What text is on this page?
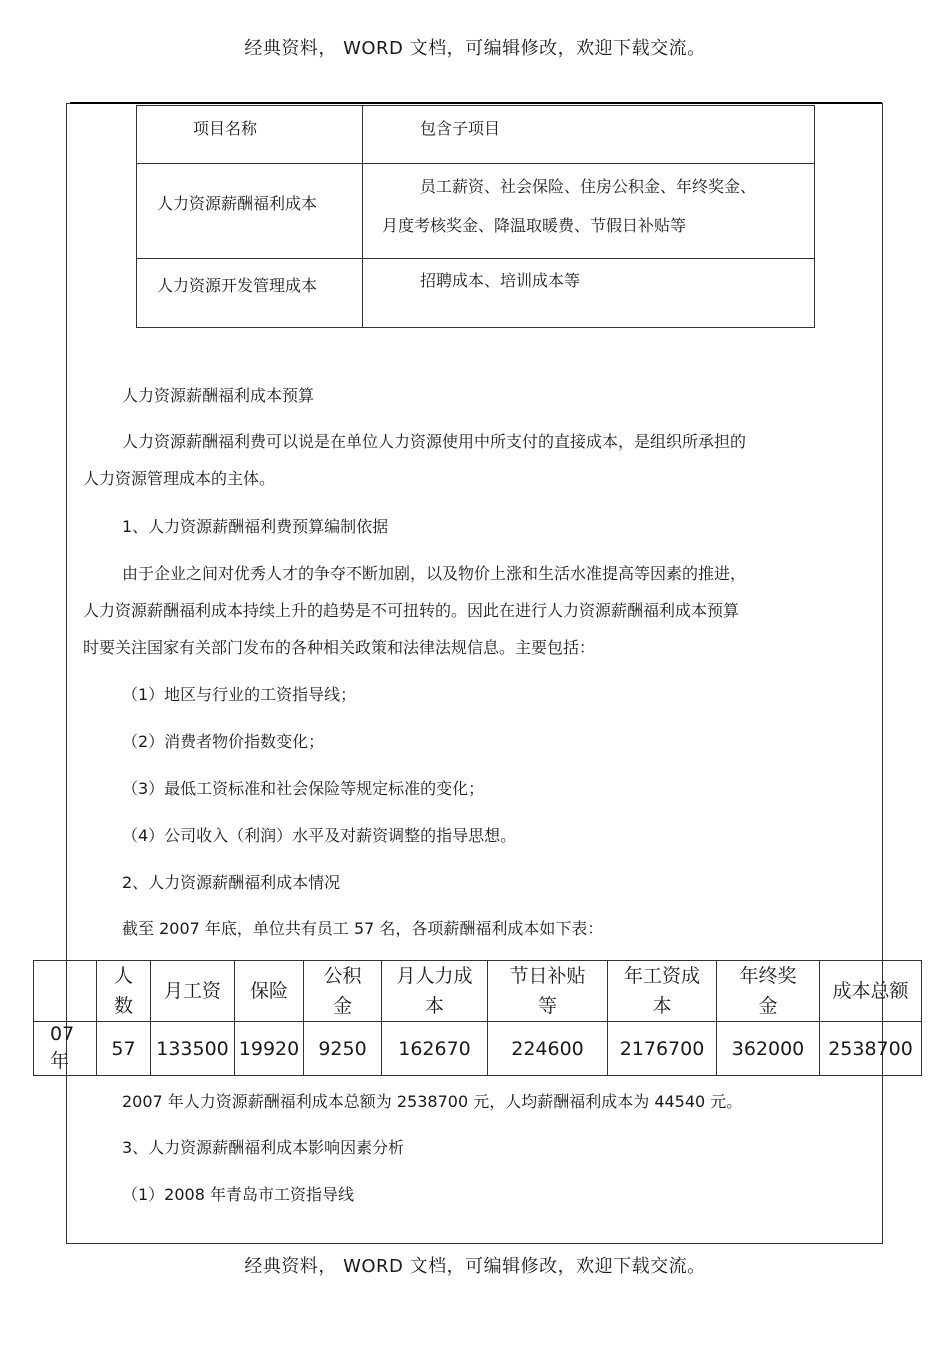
经典资料， WORD 文档，可编辑修改，欢迎下载交流。
项目名称	包含子项目

人力资源薪酬福利成本	员工薪资、社会保险、住房公积金、年终奖金、
月度考核奖金、降温取暖费、节假日补贴等

人力资源开发管理成本	招聘成本、培训成本等
人力资源薪酬福利成本预算
人力资源薪酬福利费可以说是在单位人力资源使用中所支付的直接成本，是组织所承担的
人力资源管理成本的主体。
1、人力资源薪酬福利费预算编制依据
由于企业之间对优秀人才的争夺不断加剧，以及物价上涨和生活水准提高等因素的推进，
人力资源薪酬福利成本持续上升的趋势是不可扭转的。因此在进行人力资源薪酬福利成本预算
时要关注国家有关部门发布的各种相关政策和法律法规信息。主要包括：
（1）地区与行业的工资指导线；
（2）消费者物价指数变化；
（3）最低工资标准和社会保险等规定标准的变化；
（4）公司收入（利润）水平及对薪资调整的指导思想。
2、人力资源薪酬福利成本情况
截至 2007 年底，单位共有员工 57 名，各项薪酬福利成本如下表：
	人数	月工资	保险	公积金	月人力成本	节日补贴等	年工资成本	年终奖金	成本总额

07
年	57	133500	19920	9250	162670	224600	2176700	362000	2538700
2007 年人力资源薪酬福利成本总额为 2538700 元，人均薪酬福利成本为 44540 元。
3、人力资源薪酬福利成本影响因素分析
（1）2008 年青岛市工资指导线
经典资料， WORD 文档，可编辑修改，欢迎下载交流。
